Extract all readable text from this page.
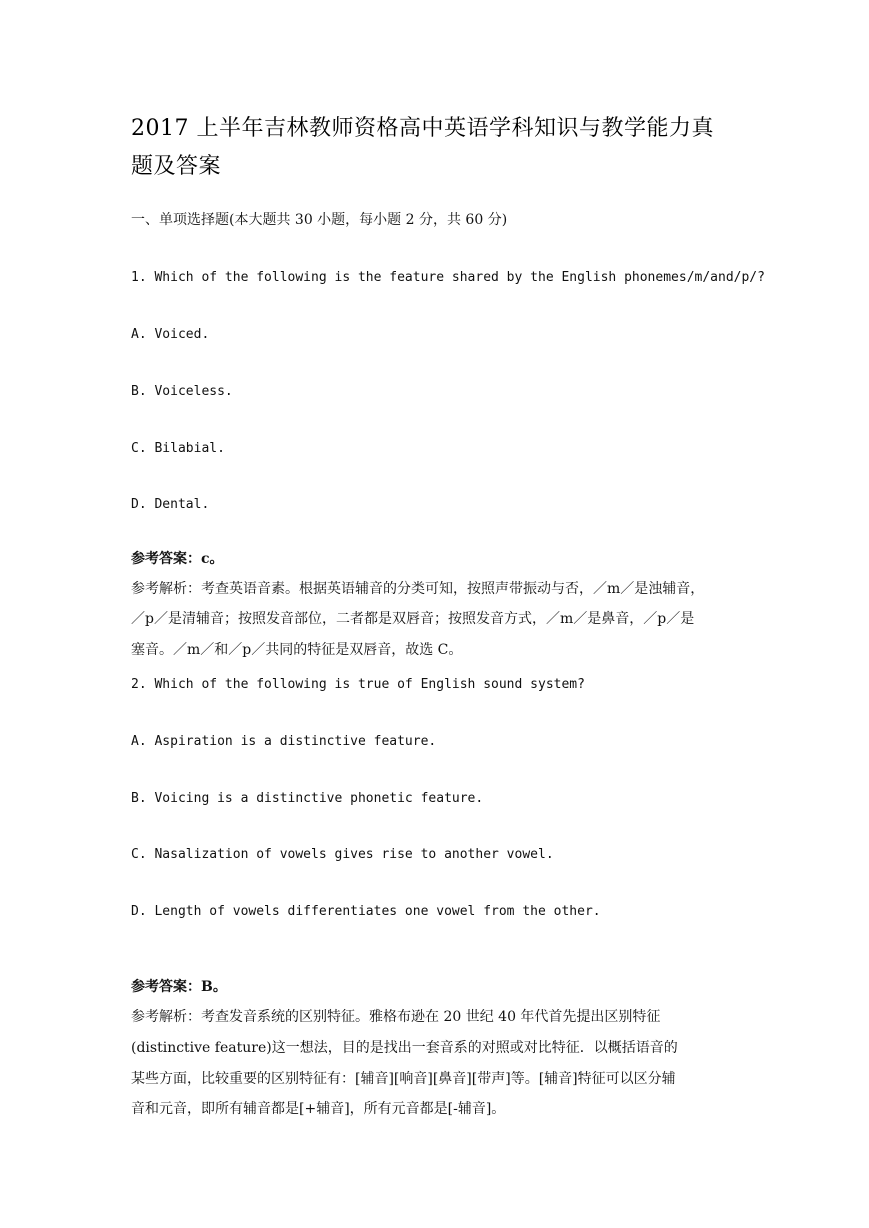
2017 上半年吉林教师资格高中英语学科知识与教学能力真
题及答案
一、单项选择题(本大题共 30 小题，每小题 2 分，共 60 分)
1. Which of the following is the feature shared by the English phonemes/m/and/p/?
A. Voiced.
B. Voiceless.
C. Bilabial.
D. Dental.
参考答案：c。
参考解析：考查英语音素。根据英语辅音的分类可知，按照声带振动与否，／m／是浊辅音，
／p／是清辅音；按照发音部位，二者都是双唇音；按照发音方式，／m／是鼻音，／p／是
塞音。／m／和／p／共同的特征是双唇音，故选 C。
2. Which of the following is true of English sound system?
A. Aspiration is a distinctive feature.
B. Voicing is a distinctive phonetic feature.
C. Nasalization of vowels gives rise to another vowel.
D. Length of vowels differentiates one vowel from the other.
参考答案：B。
参考解析：考查发音系统的区别特征。雅格布逊在 20 世纪 40 年代首先提出区别特征
(distinctive feature)这一想法，目的是找出一套音系的对照或对比特征．以概括语音的
某些方面，比较重要的区别特征有：[辅音][响音][鼻音][带声]等。[辅音]特征可以区分辅
音和元音，即所有辅音都是[+辅音]，所有元音都是[-辅音]。
